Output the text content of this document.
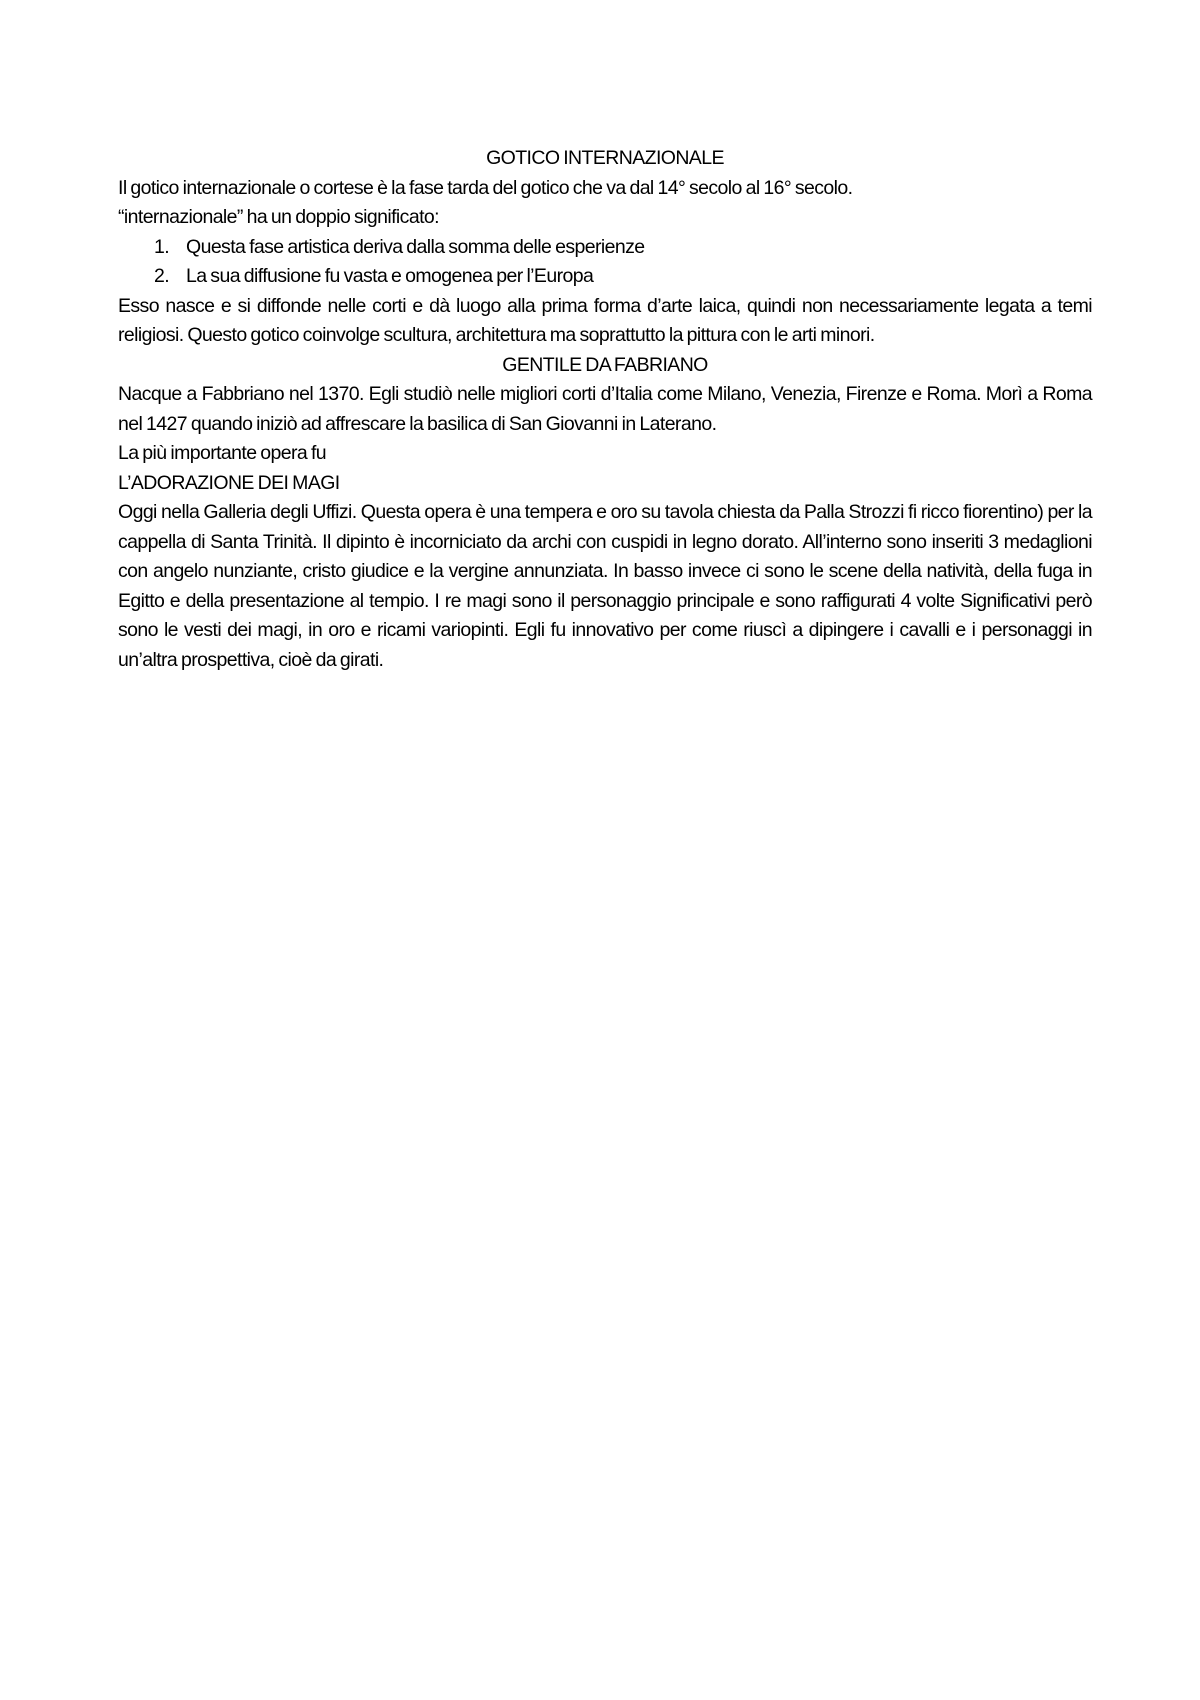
GOTICO INTERNAZIONALE

Il gotico internazionale o cortese è la fase tarda del gotico che va dal 14° secolo al 16° secolo.

“internazionale” ha un doppio significato:

1. Questa fase artistica deriva dalla somma delle esperienze
2. La sua diffusione fu vasta e omogenea per l’Europa

Esso nasce e si diffonde nelle corti e dà luogo alla prima forma d’arte laica, quindi non necessariamente legata a temi religiosi. Questo gotico coinvolge scultura, architettura ma soprattutto la pittura con le arti minori.

GENTILE DA FABRIANO

Nacque a Fabbriano nel 1370. Egli studiò nelle migliori corti d’Italia come Milano, Venezia, Firenze e Roma. Morì a Roma nel 1427 quando iniziò ad affrescare la basilica di San Giovanni in Laterano.

La più importante opera fu

L’ADORAZIONE DEI MAGI

Oggi nella Galleria degli Uffizi. Questa opera è una tempera e oro su tavola chiesta da Palla Strozzi fi ricco fiorentino) per la cappella di Santa Trinità. Il dipinto è incorniciato da archi con cuspidi in legno dorato. All’interno sono inseriti 3 medaglioni con angelo nunziante, cristo giudice e la vergine annunziata. In basso invece ci sono le scene della natività, della fuga in Egitto e della presentazione al tempio. I re magi sono il personaggio principale e sono raffigurati 4 volte Significativi però sono le vesti dei magi, in oro e ricami variopinti. Egli fu innovativo per come riuscì a dipingere i cavalli e i personaggi in un’altra prospettiva, cioè da girati.
